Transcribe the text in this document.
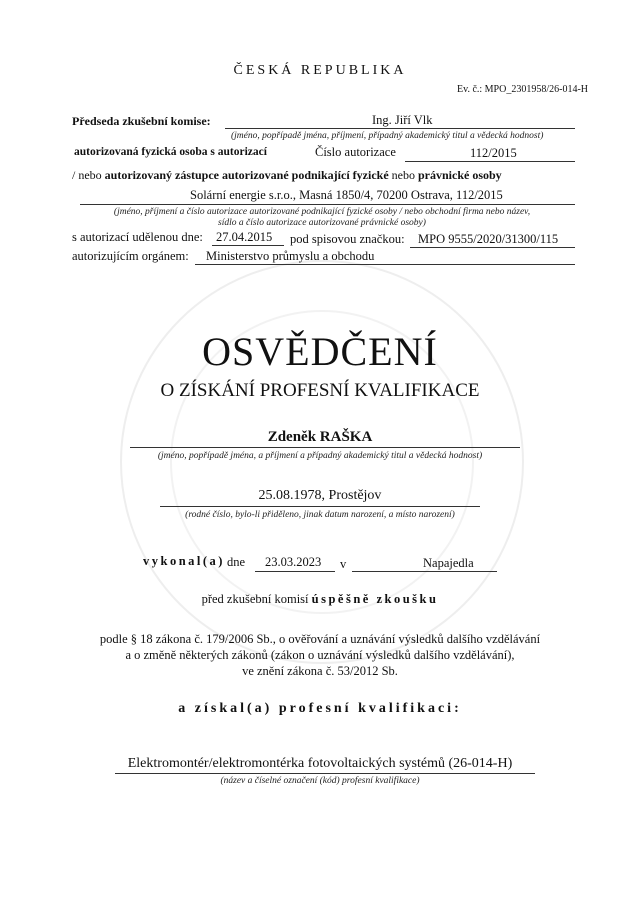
ČESKÁ REPUBLIKA
Ev. č.: MPO_2301958/26-014-H
Předseda zkušební komise:	Ing. Jiří Vlk
(jméno, popřípadě jména, příjmení, případný akademický titul a vědecká hodnost)
autorizovaná fyzická osoba s autorizací	Číslo autorizace	112/2015
/ nebo autorizovaný zástupce autorizované podnikající fyzické nebo právnické osoby
Solární energie s.r.o., Masná 1850/4, 70200 Ostrava, 112/2015
(jméno, příjmení a číslo autorizace autorizované podnikající fyzické osoby / nebo obchodní firma nebo název,
sídlo a číslo autorizace autorizované právnické osoby)
s autorizací udělenou dne: 27.04.2015 pod spisovou značkou: MPO 9555/2020/31300/115
autorizujícím orgánem: Ministerstvo průmyslu a obchodu
OSVĚDČENÍ
O ZÍSKÁNÍ PROFESNÍ KVALIFIKACE
Zdeněk RAŠKA
(jméno, popřípadě jména, a příjmení a případný akademický titul a vědecká hodnost)
25.08.1978, Prostějov
(rodné číslo, bylo-li přiděleno, jinak datum narození, a místo narození)
vykonal(a) dne 23.03.2023 v	Napajedla
před zkušební komisí úspěšně zkoušku
podle § 18 zákona č. 179/2006 Sb., o ověřování a uznávání výsledků dalšího vzdělávání
a o změně některých zákonů (zákon o uznávání výsledků dalšího vzdělávání),
ve znění zákona č. 53/2012 Sb.
a získal(a) profesní kvalifikaci:
Elektromontér/elektromontérka fotovoltaických systémů (26-014-H)
(název a číselné označení (kód) profesní kvalifikace)
